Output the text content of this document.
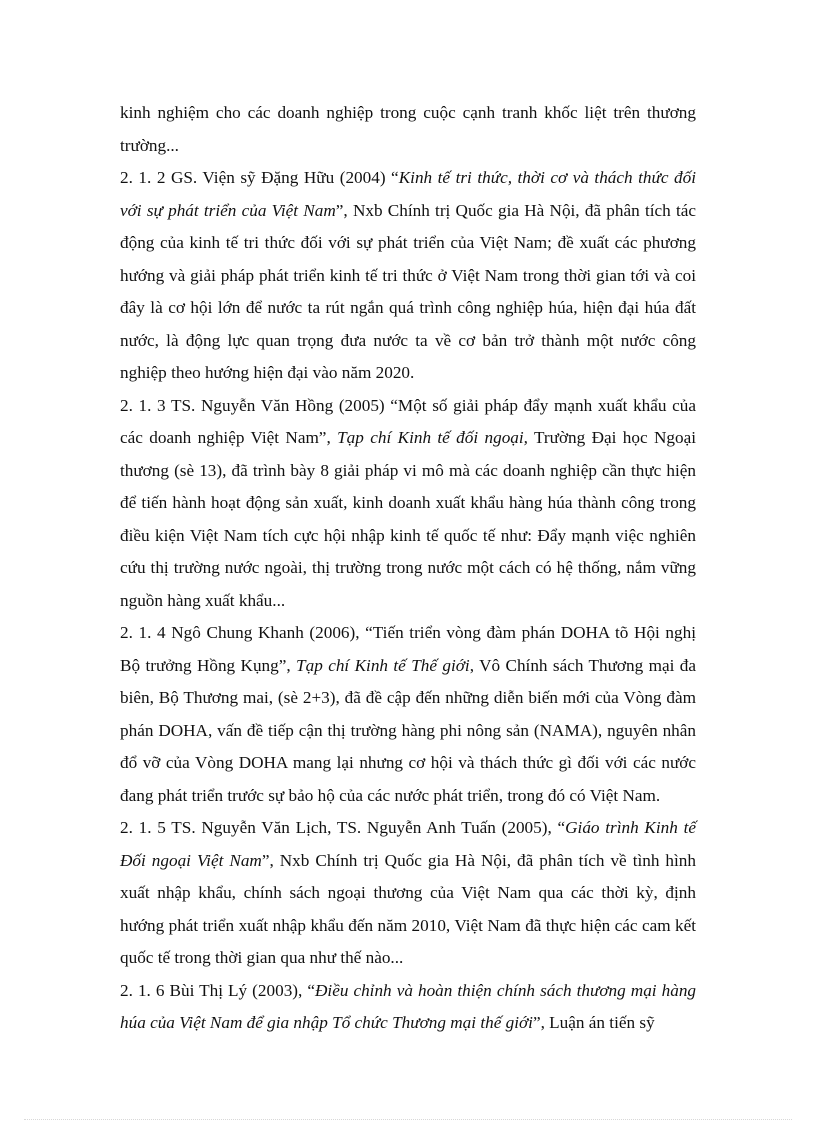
kinh nghiệm cho các doanh nghiệp trong cuộc cạnh tranh khốc liệt trên thương trường...

2. 1. 2 GS. Viện sỹ Đặng Hữu (2004) “Kinh tế tri thức, thời cơ và thách thức đối với sự phát triển của Việt Nam”, Nxb Chính trị Quốc gia Hà Nội, đã phân tích tác động của kinh tế tri thức đối với sự phát triển của Việt Nam; đề xuất các phương hướng và giải pháp phát triển kinh tế tri thức ở Việt Nam trong thời gian tới và coi đây là cơ hội lớn để nước ta rút ngắn quá trình công nghiệp húa, hiện đại húa đất nước, là động lực quan trọng đưa nước ta về cơ bản trở thành một nước công nghiệp theo hướng hiện đại vào năm 2020.

2. 1. 3 TS. Nguyễn Văn Hồng (2005) “Một số giải pháp đẩy mạnh xuất khẩu của các doanh nghiệp Việt Nam”, Tạp chí Kinh tế đối ngoại, Trường Đại học Ngoại thương (sè 13), đã trình bày 8 giải pháp vi mô mà các doanh nghiệp cần thực hiện để tiến hành hoạt động sản xuất, kinh doanh xuất khẩu hàng húa thành công trong điều kiện Việt Nam tích cực hội nhập kinh tế quốc tế như: Đẩy mạnh việc nghiên cứu thị trường nước ngoài, thị trường trong nước một cách có hệ thống, nắm vững nguồn hàng xuất khẩu...

2. 1. 4 Ngô Chung Khanh (2006), “Tiến triển vòng đàm phán DOHA tõ Hội nghị Bộ trưởng Hồng Kụng”, Tạp chí Kinh tế Thế giới, Vô Chính sách Thương mại đa biên, Bộ Thương mai, (sè 2+3), đã đề cập đến những diễn biến mới của Vòng đàm phán DOHA, vấn đề tiếp cận thị trường hàng phi nông sản (NAMA), nguyên nhân đổ vỡ của Vòng DOHA mang lại nhưng cơ hội và thách thức gì đối với các nước đang phát triển trước sự bảo hộ của các nước phát triển, trong đó có Việt Nam.

2. 1. 5 TS. Nguyễn Văn Lịch, TS. Nguyễn Anh Tuấn (2005), “Giáo trình Kinh tế Đối ngoại Việt Nam”, Nxb Chính trị Quốc gia Hà Nội, đã phân tích về tình hình xuất nhập khẩu, chính sách ngoại thương của Việt Nam qua các thời kỳ, định hướng phát triển xuất nhập khẩu đến năm 2010, Việt Nam đã thực hiện các cam kết quốc tế trong thời gian qua như thế nào...

2. 1. 6 Bùi Thị Lý (2003), “Điều chỉnh và hoàn thiện chính sách thương mại hàng húa của Việt Nam để gia nhập Tổ chức Thương mại thế giới”, Luận án tiến sỹ
